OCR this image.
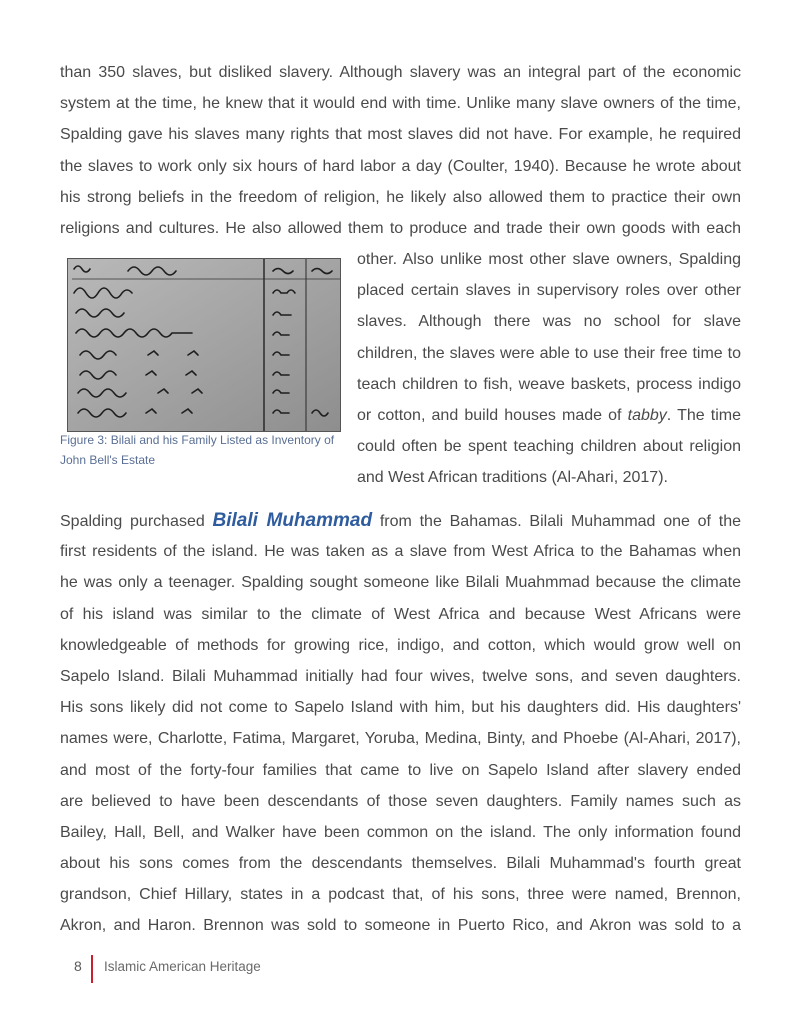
than 350 slaves, but disliked slavery. Although slavery was an integral part of the economic
system at the time, he knew that it would end with time. Unlike many slave owners of the time,
Spalding gave his slaves many rights that most slaves did not have. For example, he required
the slaves to work only six hours of hard labor a day (Coulter, 1940). Because he wrote about
his strong beliefs in the freedom of religion, he likely also allowed them to practice their own
religions and cultures. He also allowed them to produce and trade their own goods with each
Figure 3: Bilali and his Family Listed as Inventory of John Bell's Estate
other. Also unlike most other slave owners, Spalding
placed certain slaves in supervisory roles over other
slaves. Although there was no school for slave
children, the slaves were able to use their free time to
teach children to fish, weave baskets, process indigo
or cotton, and build houses made of tabby. The time
could often be spent teaching children about religion
and West African traditions (Al-Ahari, 2017).
Spalding purchased Bilali Muhammad from the Bahamas. Bilali Muhammad one of the
first residents of the island. He was taken as a slave from West Africa to the Bahamas when
he was only a teenager. Spalding sought someone like Bilali Muahmmad because the climate
of his island was similar to the climate of West Africa and because West Africans were
knowledgeable of methods for growing rice, indigo, and cotton, which would grow well on
Sapelo Island. Bilali Muhammad initially had four wives, twelve sons, and seven daughters.
His sons likely did not come to Sapelo Island with him, but his daughters did. His daughters'
names were, Charlotte, Fatima, Margaret, Yoruba, Medina, Binty, and Phoebe (Al-Ahari, 2017),
and most of the forty-four families that came to live on Sapelo Island after slavery ended
are believed to have been descendants of those seven daughters. Family names such as
Bailey, Hall, Bell, and Walker have been common on the island. The only information found
about his sons comes from the descendants themselves. Bilali Muhammad's fourth great
grandson, Chief Hillary, states in a podcast that, of his sons, three were named, Brennon,
Akron, and Haron. Brennon was sold to someone in Puerto Rico, and Akron was sold to a
8 Islamic American Heritage
